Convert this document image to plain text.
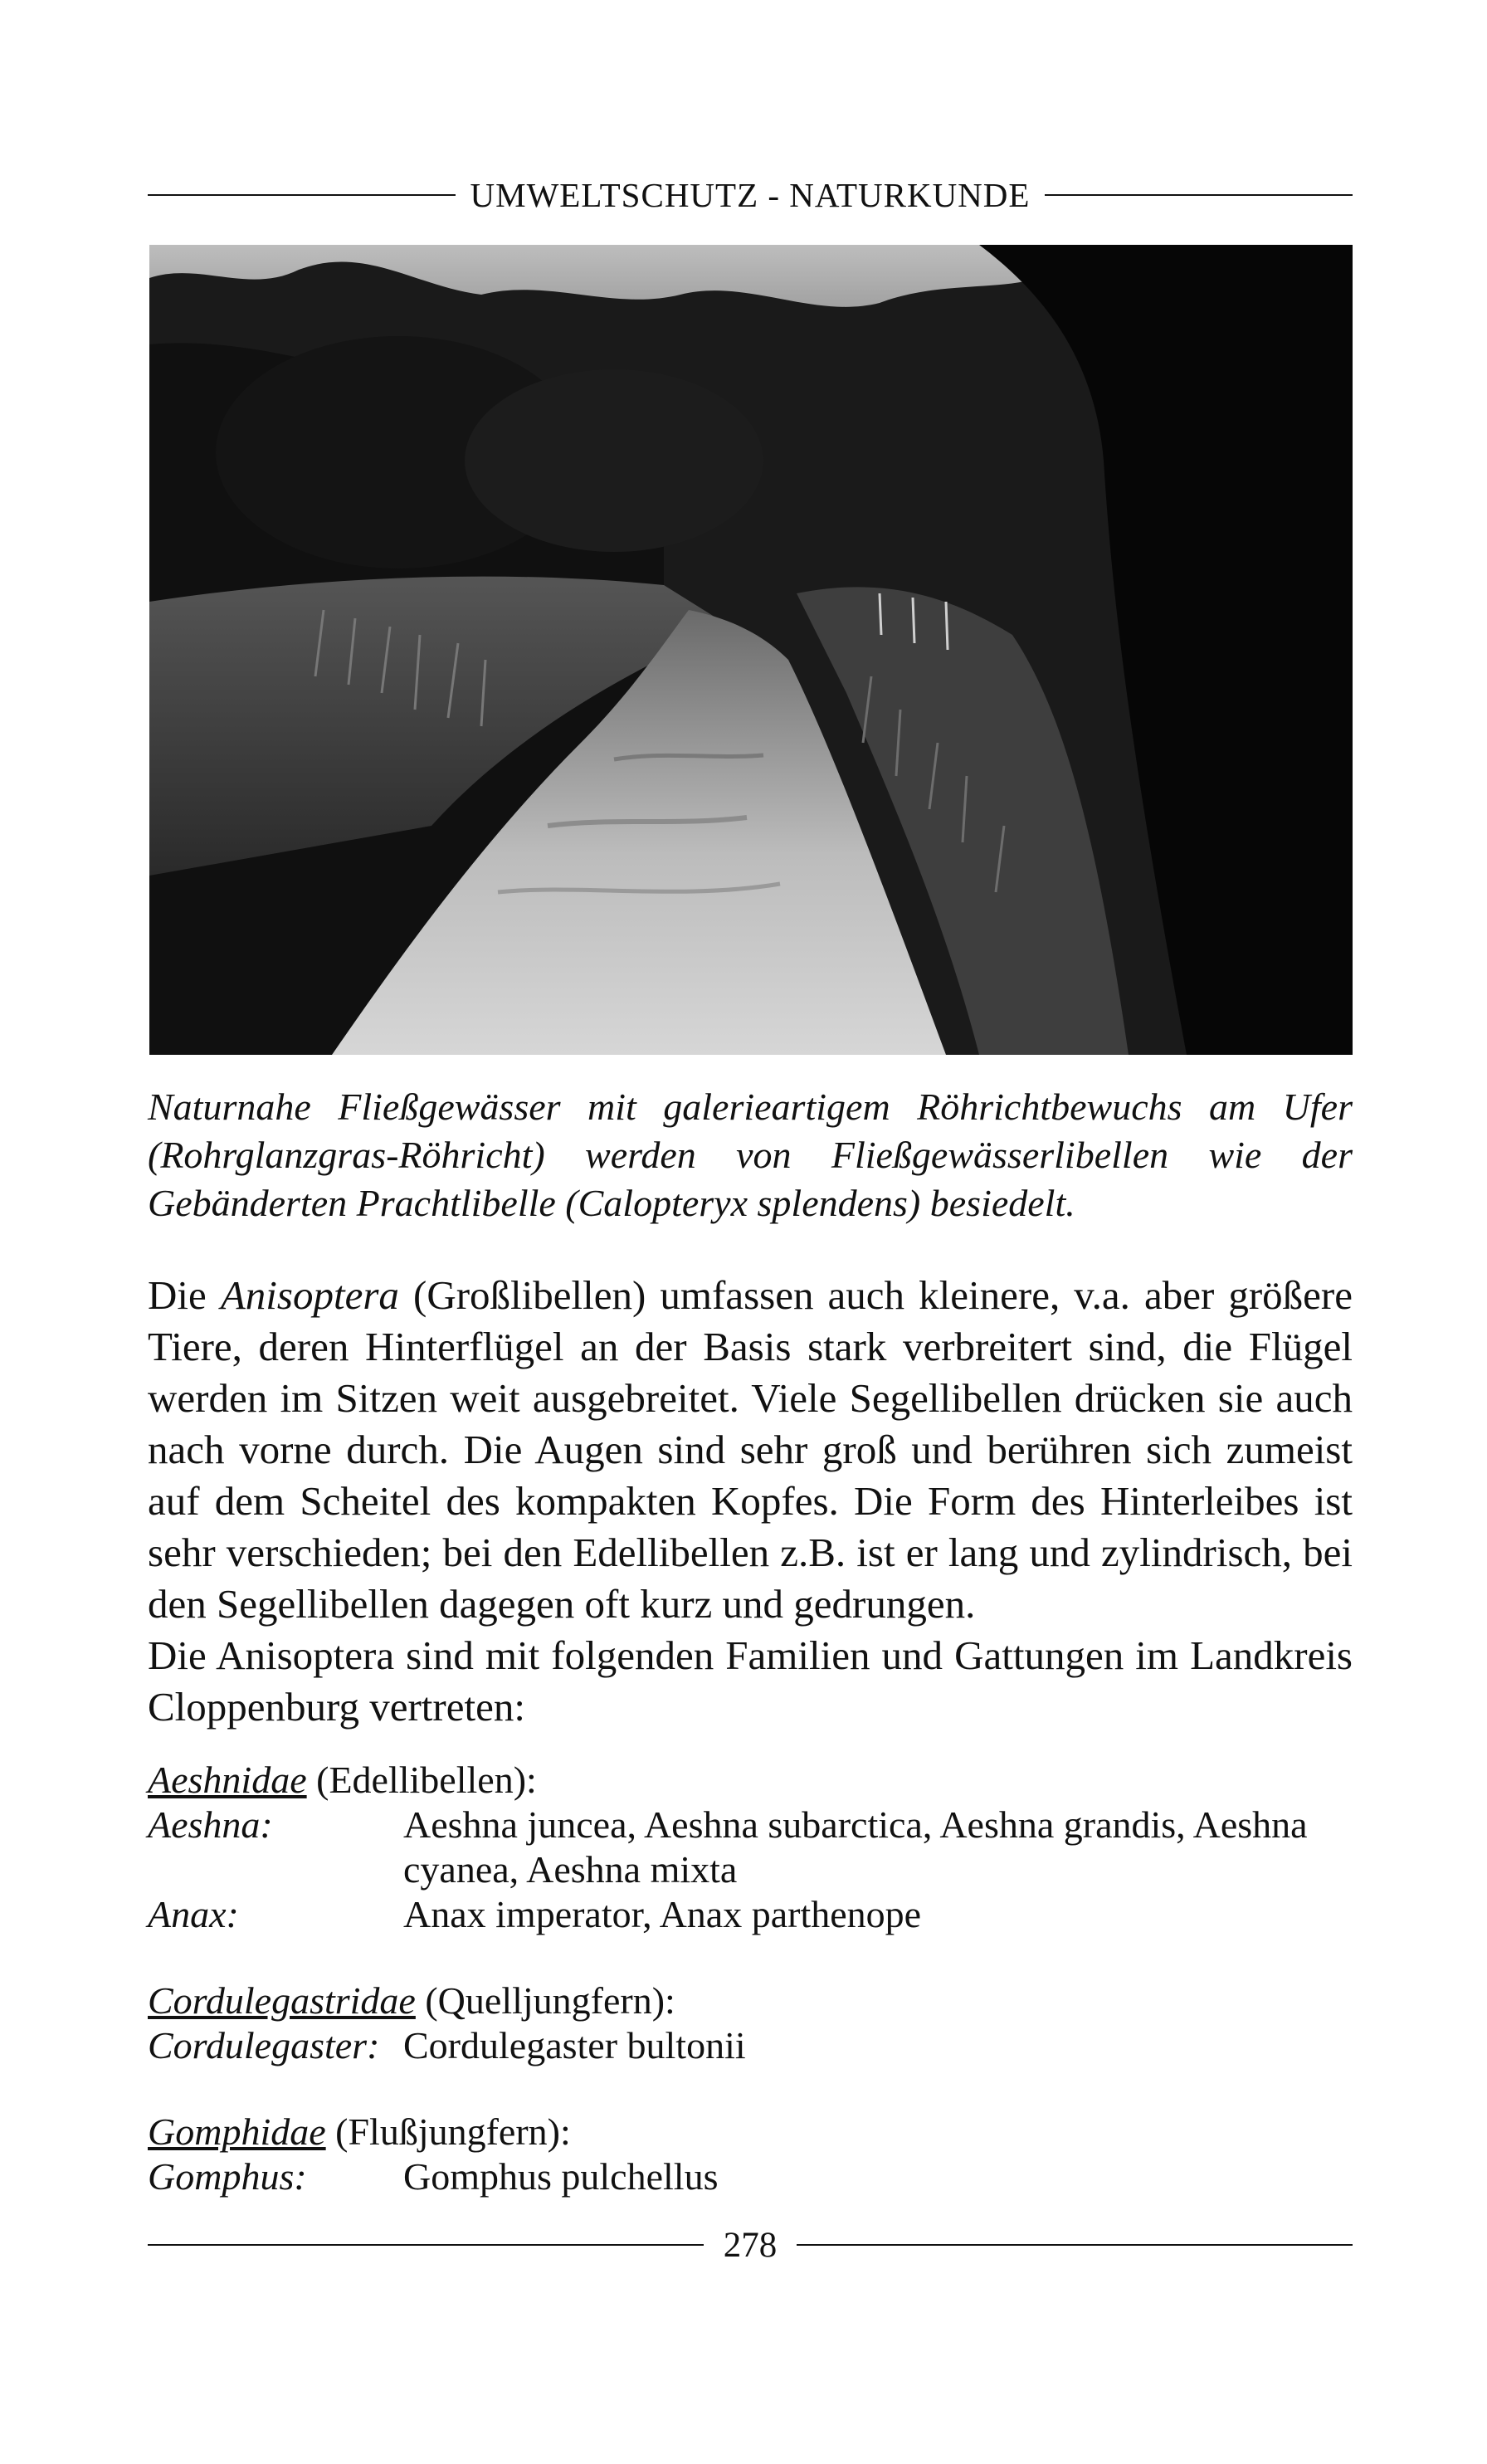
UMWELTSCHUTZ - NATURKUNDE
Naturnahe Fließgewässer mit galerieartigem Röhrichtbewuchs am Ufer (Rohrglanzgras-Röhricht) werden von Fließgewässerlibellen wie der Gebänderten Prachtlibelle (Calopteryx splendens) besiedelt.

Die Anisoptera (Großlibellen) umfassen auch kleinere, v.a. aber größere Tiere, deren Hinterflügel an der Basis stark verbreitert sind, die Flügel werden im Sitzen weit ausgebreitet. Viele Segellibellen drücken sie auch nach vorne durch. Die Augen sind sehr groß und berühren sich zumeist auf dem Scheitel des kompakten Kopfes. Die Form des Hinterleibes ist sehr verschieden; bei den Edellibellen z.B. ist er lang und zylindrisch, bei den Segellibellen dagegen oft kurz und gedrungen.

Die Anisoptera sind mit folgenden Familien und Gattungen im Landkreis Cloppenburg vertreten:

Aeshnidae (Edellibellen):
Aeshna:	Aeshna juncea, Aeshna subarctica, Aeshna grandis, Aeshna cyanea, Aeshna mixta
Anax:	Anax imperator, Anax parthenope
Cordulegastridae (Quelljungfern):
Cordulegaster: Cordulegaster bultonii
Gomphidae (Flußjungfern):
Gomphus:	Gomphus pulchellus
278
